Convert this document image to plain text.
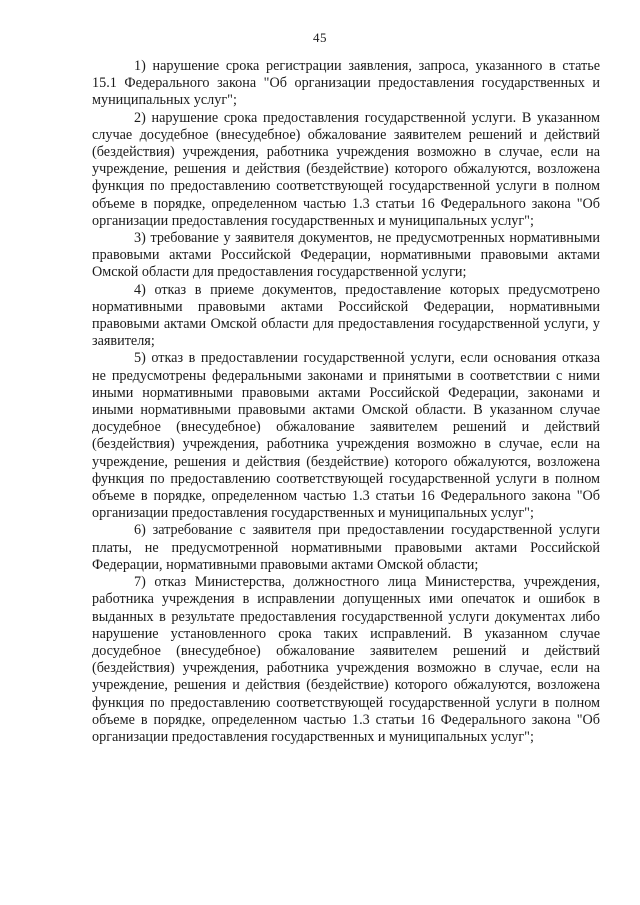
45

1) нарушение срока регистрации заявления, запроса, указанного в статье 15.1 Федерального закона "Об организации предоставления государственных и муниципальных услуг";

2) нарушение срока предоставления государственной услуги. В указанном случае досудебное (внесудебное) обжалование заявителем решений и действий (бездействия) учреждения, работника учреждения возможно в случае, если на учреждение, решения и действия (бездействие) которого обжалуются, возложена функция по предоставлению соответствующей государственной услуги в полном объеме в порядке, определенном частью 1.3 статьи 16 Федерального закона "Об организации предоставления государственных и муниципальных услуг";

3) требование у заявителя документов, не предусмотренных нормативными правовыми актами Российской Федерации, нормативными правовыми актами Омской области для предоставления государственной услуги;

4) отказ в приеме документов, предоставление которых предусмотрено нормативными правовыми актами Российской Федерации, нормативными правовыми актами Омской области для предоставления государственной услуги, у заявителя;

5) отказ в предоставлении государственной услуги, если основания отказа не предусмотрены федеральными законами и принятыми в соответствии с ними иными нормативными правовыми актами Российской Федерации, законами и иными нормативными правовыми актами Омской области. В указанном случае досудебное (внесудебное) обжалование заявителем решений и действий (бездействия) учреждения, работника учреждения возможно в случае, если на учреждение, решения и действия (бездействие) которого обжалуются, возложена функция по предоставлению соответствующей государственной услуги в полном объеме в порядке, определенном частью 1.3 статьи 16 Федерального закона "Об организации предоставления государственных и муниципальных услуг";

6) затребование с заявителя при предоставлении государственной услуги платы, не предусмотренной нормативными правовыми актами Российской Федерации, нормативными правовыми актами Омской области;

7) отказ Министерства, должностного лица Министерства, учреждения, работника учреждения в исправлении допущенных ими опечаток и ошибок в выданных в результате предоставления государственной услуги документах либо нарушение установленного срока таких исправлений. В указанном случае досудебное (внесудебное) обжалование заявителем решений и действий (бездействия) учреждения, работника учреждения возможно в случае, если на учреждение, решения и действия (бездействие) которого обжалуются, возложена функция по предоставлению соответствующей государственной услуги в полном объеме в порядке, определенном частью 1.3 статьи 16 Федерального закона "Об организации предоставления государственных и муниципальных услуг";
